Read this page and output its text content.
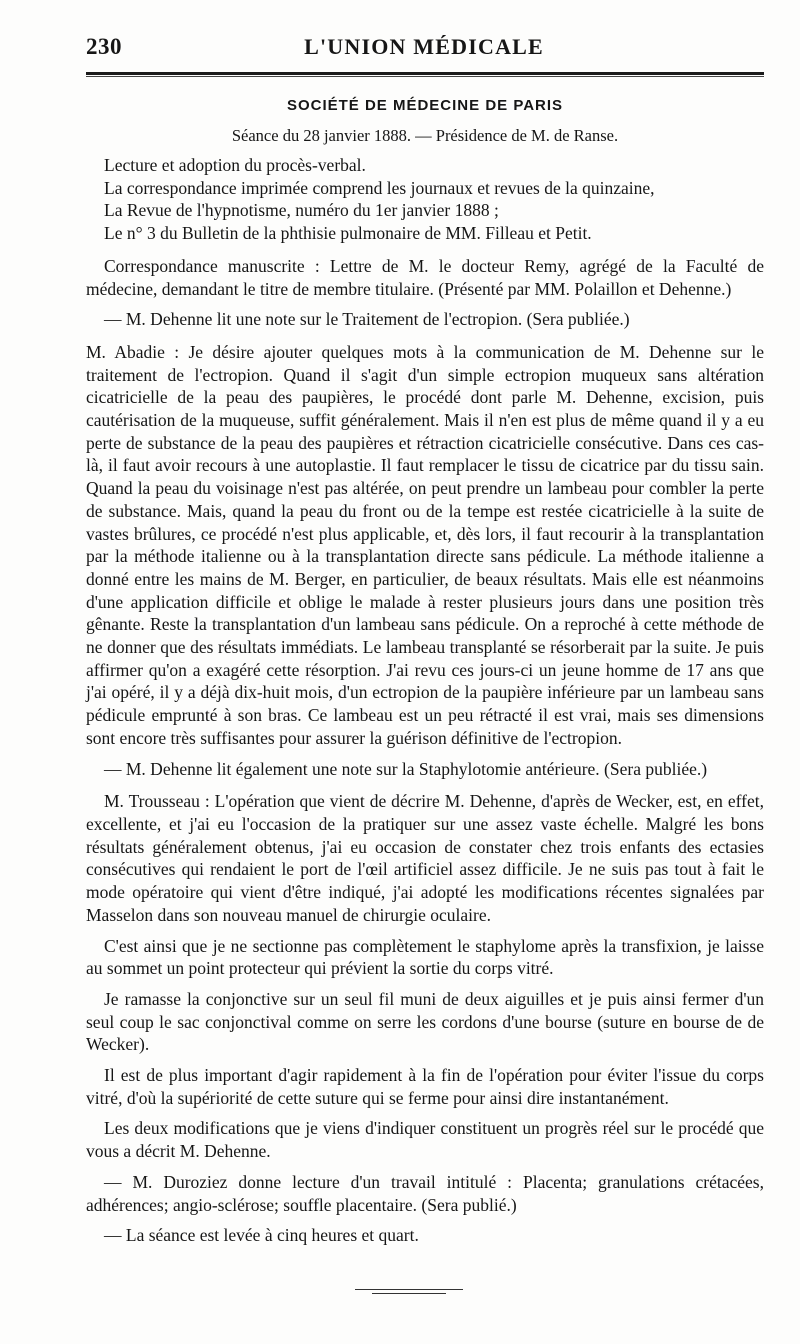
230	L'UNION MÉDICALE
SOCIÉTÉ DE MÉDECINE DE PARIS
Séance du 28 janvier 1888. — Présidence de M. de Ranse.

Lecture et adoption du procès-verbal.

La correspondance imprimée comprend les journaux et revues de la quinzaine,

La Revue de l'hypnotisme, numéro du 1er janvier 1888 ;

Le n° 3 du Bulletin de la phthisie pulmonaire de MM. Filleau et Petit.

Correspondance manuscrite : Lettre de M. le docteur Remy, agrégé de la Faculté de médecine, demandant le titre de membre titulaire. (Présenté par MM. Polaillon et Dehenne.)

— M. Dehenne lit une note sur le Traitement de l'ectropion. (Sera publiée.)

M. Abadie : Je désire ajouter quelques mots à la communication de M. Dehenne sur le traitement de l'ectropion. Quand il s'agit d'un simple ectropion muqueux sans altération cicatricielle de la peau des paupières, le procédé dont parle M. Dehenne, excision, puis cautérisation de la muqueuse, suffit généralement. Mais il n'en est plus de même quand il y a eu perte de substance de la peau des paupières et rétraction cicatricielle consécutive. Dans ces cas-là, il faut avoir recours à une autoplastie. Il faut remplacer le tissu de cicatrice par du tissu sain. Quand la peau du voisinage n'est pas altérée, on peut prendre un lambeau pour combler la perte de substance. Mais, quand la peau du front ou de la tempe est restée cicatricielle à la suite de vastes brûlures, ce procédé n'est plus applicable, et, dès lors, il faut recourir à la transplantation par la méthode italienne ou à la transplantation directe sans pédicule. La méthode italienne a donné entre les mains de M. Berger, en particulier, de beaux résultats. Mais elle est néanmoins d'une application difficile et oblige le malade à rester plusieurs jours dans une position très gênante. Reste la transplantation d'un lambeau sans pédicule. On a reproché à cette méthode de ne donner que des résultats immédiats. Le lambeau transplanté se résorberait par la suite. Je puis affirmer qu'on a exagéré cette résorption. J'ai revu ces jours-ci un jeune homme de 17 ans que j'ai opéré, il y a déjà dix-huit mois, d'un ectropion de la paupière inférieure par un lambeau sans pédicule emprunté à son bras. Ce lambeau est un peu rétracté il est vrai, mais ses dimensions sont encore très suffisantes pour assurer la guérison définitive de l'ectropion.

— M. Dehenne lit également une note sur la Staphylotomie antérieure. (Sera publiée.)

M. Trousseau : L'opération que vient de décrire M. Dehenne, d'après de Wecker, est, en effet, excellente, et j'ai eu l'occasion de la pratiquer sur une assez vaste échelle. Malgré les bons résultats généralement obtenus, j'ai eu occasion de constater chez trois enfants des ectasies consécutives qui rendaient le port de l'œil artificiel assez difficile. Je ne suis pas tout à fait le mode opératoire qui vient d'être indiqué, j'ai adopté les modifications récentes signalées par Masselon dans son nouveau manuel de chirurgie oculaire.

C'est ainsi que je ne sectionne pas complètement le staphylome après la transfixion, je laisse au sommet un point protecteur qui prévient la sortie du corps vitré.

Je ramasse la conjonctive sur un seul fil muni de deux aiguilles et je puis ainsi fermer d'un seul coup le sac conjonctival comme on serre les cordons d'une bourse (suture en bourse de de Wecker).

Il est de plus important d'agir rapidement à la fin de l'opération pour éviter l'issue du corps vitré, d'où la supériorité de cette suture qui se ferme pour ainsi dire instantanément.

Les deux modifications que je viens d'indiquer constituent un progrès réel sur le procédé que vous a décrit M. Dehenne.

— M. Duroziez donne lecture d'un travail intitulé : Placenta; granulations crétacées, adhérences; angio-sclérose; souffle placentaire. (Sera publié.)

— La séance est levée à cinq heures et quart.
